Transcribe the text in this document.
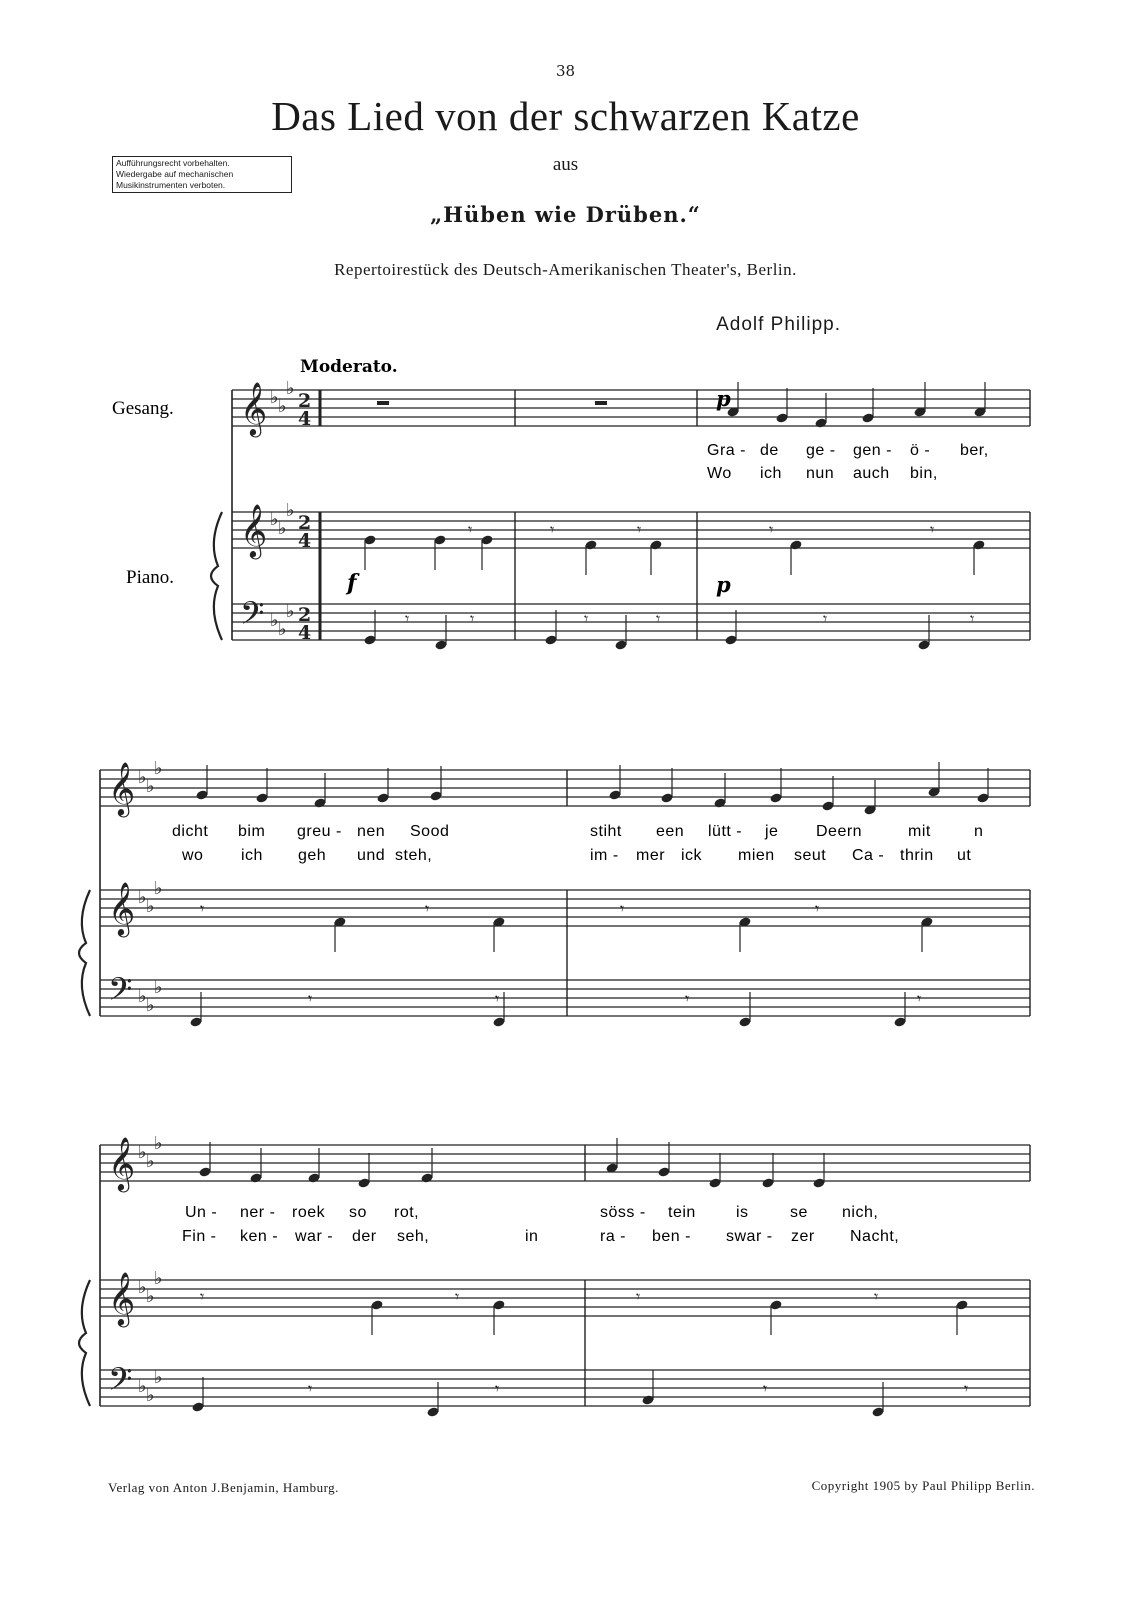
38
Das Lied von der schwarzen Katze
aus
Aufführungsrecht vorbehalten.
Wiedergabe auf mechanischen
Musikinstrumenten verboten.
„Hüben wie Drüben.“
Repertoirestück des Deutsch-Amerikanischen Theater's, Berlin.
Adolf Philipp.
𝄞
𝄞
𝄢
♭
♭
♭
♭
♭
♭
♭
♭
♭
2
4
2
4
2
4
𝄞
𝄞
𝄢
♭
♭
♭
♭
♭
♭
♭
♭
♭
𝄞
𝄞
𝄢
♭
♭
♭
♭
♭
♭
♭
♭
♭
𝄾	𝄾	𝄾	𝄾	𝄾
𝄾	𝄾	𝄾	𝄾	𝄾	𝄾
𝄾	𝄾	𝄾	𝄾
𝄾	𝄾	𝄾	𝄾
𝄾	𝄾	𝄾	𝄾
𝄾	𝄾	𝄾	𝄾
Moderato.
Gesang.
Piano.
p
f	p
Gra - de ge - gen - ö - ber,
Wo ich nun auch bin,
dicht bim greu - nen Sood	stiht een lütt - je Deern	mit	n
wo ich geh und steh,	im - mer ick mien seut Ca - thrin ut
Un - ner - roek so rot,	söss - tein	is	se nich,
Fin - ken - war - der seh,	in	ra - ben - swar - zer Nacht,
Verlag von Anton J.Benjamin, Hamburg.	Copyright 1905 by Paul Philipp Berlin.
